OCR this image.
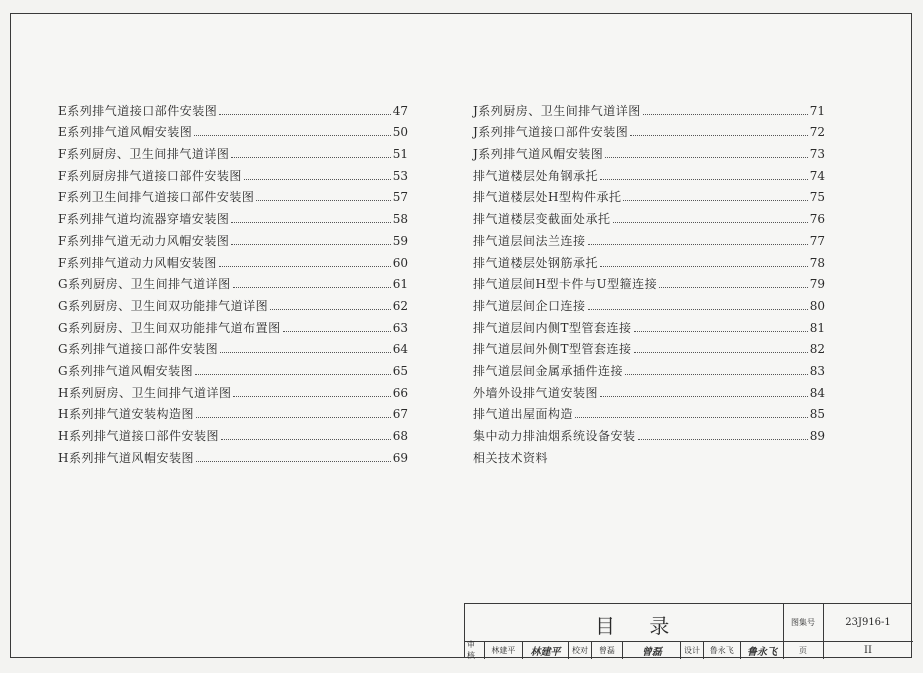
E系列排气道接口部件安装图	47
E系列排气道风帽安装图	50
F系列厨房、卫生间排气道详图	51
F系列厨房排气道接口部件安装图	53
F系列卫生间排气道接口部件安装图	57
F系列排气道均流器穿墙安装图	58
F系列排气道无动力风帽安装图	59
F系列排气道动力风帽安装图	60
G系列厨房、卫生间排气道详图	61
G系列厨房、卫生间双功能排气道详图	62
G系列厨房、卫生间双功能排气道布置图	63
G系列排气道接口部件安装图	64
G系列排气道风帽安装图	65
H系列厨房、卫生间排气道详图	66
H系列排气道安装构造图	67
H系列排气道接口部件安装图	68
H系列排气道风帽安装图	69
J系列厨房、卫生间排气道详图	71
J系列排气道接口部件安装图	72
J系列排气道风帽安装图	73
排气道楼层处角钢承托	74
排气道楼层处H型构件承托	75
排气道楼层变截面处承托	76
排气道层间法兰连接	77
排气道楼层处钢筋承托	78
排气道层间H型卡件与U型箍连接	79
排气道层间企口连接	80
排气道层间内侧T型管套连接	81
排气道层间外侧T型管套连接	82
排气道层间金属承插件连接	83
外墙外设排气道安装图	84
排气道出屋面构造	85
集中动力排油烟系统设备安装	89
相关技术资料
目 录
审核
林建平	林建平	校对	曾磊	曾磊	设计	鲁永飞	鲁永飞
图集号	23J916-1
页	II
